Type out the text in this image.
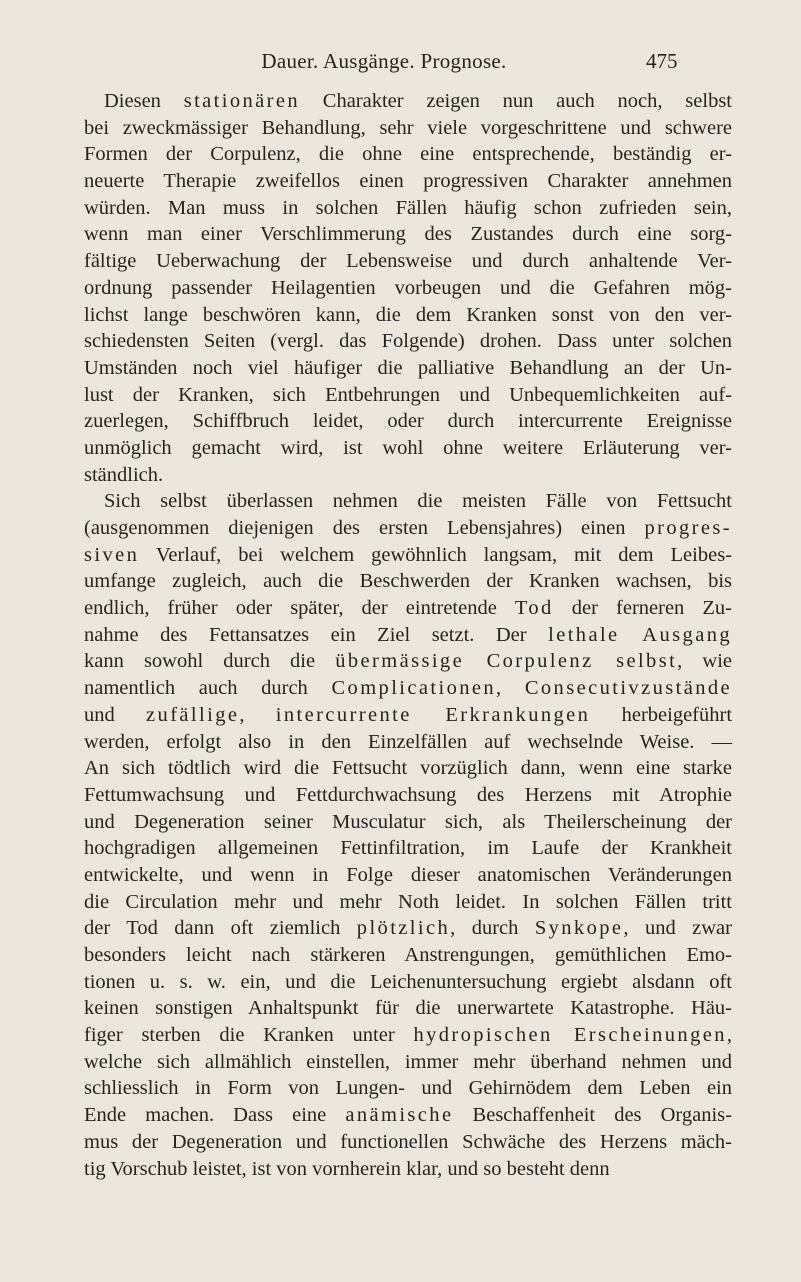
Dauer. Ausgänge. Prognose.	475
Diesen stationären Charakter zeigen nun auch noch, selbst
bei zweckmässiger Behandlung, sehr viele vorgeschrittene und schwere
Formen der Corpulenz, die ohne eine entsprechende, beständig er-
neuerte Therapie zweifellos einen progressiven Charakter annehmen
würden. Man muss in solchen Fällen häufig schon zufrieden sein,
wenn man einer Verschlimmerung des Zustandes durch eine sorg-
fältige Ueberwachung der Lebensweise und durch anhaltende Ver-
ordnung passender Heilagentien vorbeugen und die Gefahren mög-
lichst lange beschwören kann, die dem Kranken sonst von den ver-
schiedensten Seiten (vergl. das Folgende) drohen. Dass unter solchen
Umständen noch viel häufiger die palliative Behandlung an der Un-
lust der Kranken, sich Entbehrungen und Unbequemlichkeiten auf-
zuerlegen, Schiffbruch leidet, oder durch intercurrente Ereignisse
unmöglich gemacht wird, ist wohl ohne weitere Erläuterung ver-
ständlich.
Sich selbst überlassen nehmen die meisten Fälle von Fettsucht
(ausgenommen diejenigen des ersten Lebensjahres) einen progres-
siven Verlauf, bei welchem gewöhnlich langsam, mit dem Leibes-
umfange zugleich, auch die Beschwerden der Kranken wachsen, bis
endlich, früher oder später, der eintretende Tod der ferneren Zu-
nahme des Fettansatzes ein Ziel setzt. Der lethale Ausgang
kann sowohl durch die übermässige Corpulenz selbst, wie
namentlich auch durch Complicationen, Consecutivzustände
und zufällige, intercurrente Erkrankungen herbeigeführt
werden, erfolgt also in den Einzelfällen auf wechselnde Weise. —
An sich tödtlich wird die Fettsucht vorzüglich dann, wenn eine starke
Fettumwachsung und Fettdurchwachsung des Herzens mit Atrophie
und Degeneration seiner Musculatur sich, als Theilerscheinung der
hochgradigen allgemeinen Fettinfiltration, im Laufe der Krankheit
entwickelte, und wenn in Folge dieser anatomischen Veränderungen
die Circulation mehr und mehr Noth leidet. In solchen Fällen tritt
der Tod dann oft ziemlich plötzlich, durch Synkope, und zwar
besonders leicht nach stärkeren Anstrengungen, gemüthlichen Emo-
tionen u. s. w. ein, und die Leichenuntersuchung ergiebt alsdann oft
keinen sonstigen Anhaltspunkt für die unerwartete Katastrophe. Häu-
figer sterben die Kranken unter hydropischen Erscheinungen,
welche sich allmählich einstellen, immer mehr überhand nehmen und
schliesslich in Form von Lungen- und Gehirnödem dem Leben ein
Ende machen. Dass eine anämische Beschaffenheit des Organis-
mus der Degeneration und functionellen Schwäche des Herzens mäch-
tig Vorschub leistet, ist von vornherein klar, und so besteht denn
